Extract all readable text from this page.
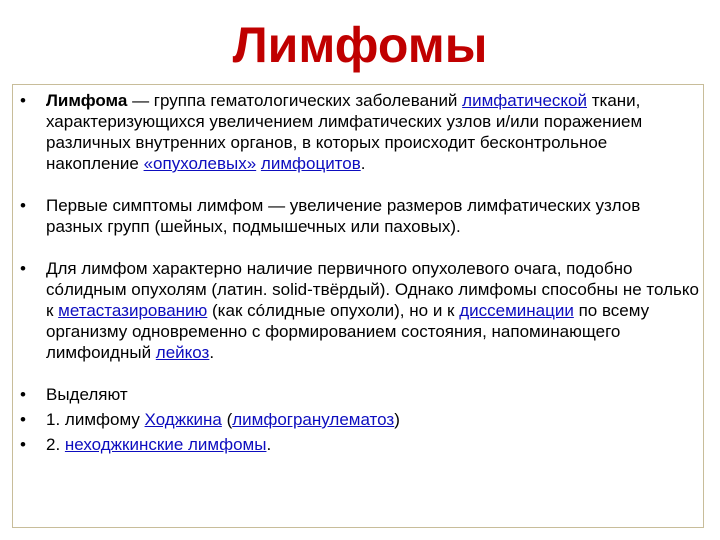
Лимфомы

• Лимфома — группа гематологических заболеваний лимфатической ткани, характеризующихся увеличением лимфатических узлов и/или поражением различных внутренних органов, в которых происходит бесконтрольное накопление «опухолевых» лимфоцитов.

• Первые симптомы лимфом — увеличение размеров лимфатических узлов разных групп (шейных, подмышечных или паховых).

• Для лимфом характерно наличие первичного опухолевого очага, подобно сóлидным опухолям (латин. solid-твёрдый). Однако лимфомы способны не только к метастазированию (как сóлидные опухоли), но и к диссеминации по всему организму одновременно с формированием состояния, напоминающего лимфоидный лейкоз.

• Выделяют

• 1. лимфому Ходжкина (лимфогранулематоз)

• 2. неходжкинские лимфомы.
